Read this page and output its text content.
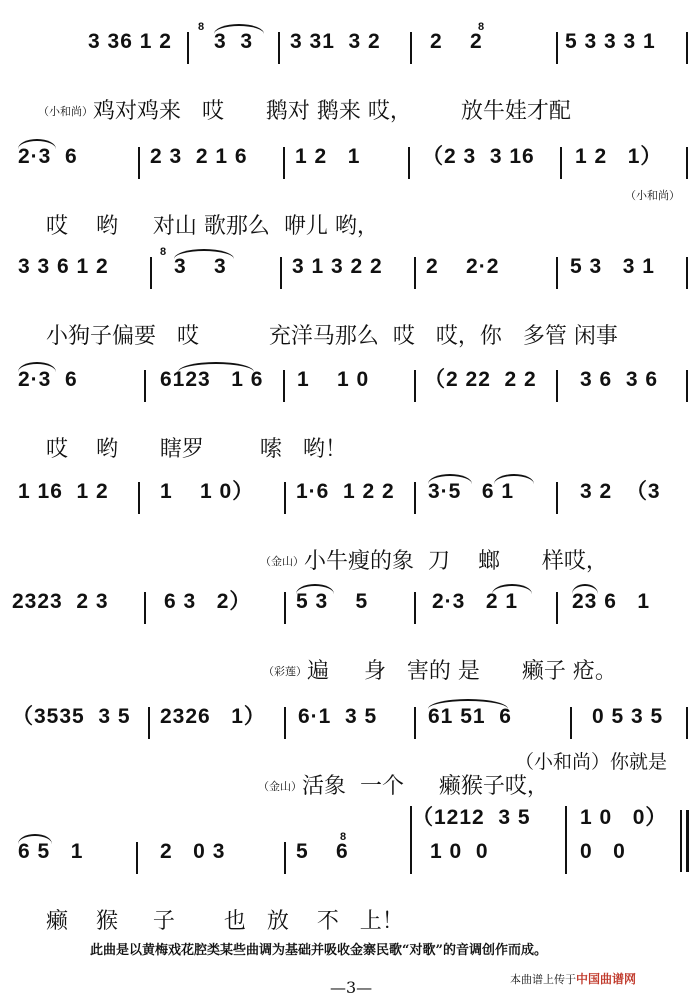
3 36 1 2
8
3  3 3 31  3 2
8
2    2	5 3 3 3 1

（小和尚）鸡对鸡来   哎      鹅对 鹅来 哎，       放牛娃才配

2·3  6	2 3  2 1 6 1 2   1	（2 3  3 16 1 2   1）

哎    哟     对山 歌那么  咿儿 哟，

（小和尚）
3 3 6 1 2
8
3    3	3 1 3 2 2 2    2·2	5 3   3 1

小狗子偏要   哎          充洋马那么  哎   哎，你   多管 闲事

2·3  6	6123   1 6 1    1 0	（2 22  2 2 3 6  3 6

哎    哟      瞎罗        嗦   哟！

1 16  1 2 1    1 0） 1·6  1 2 2 3·5   6 1	3 2  （3

（金山）小牛瘦的象  刀    螂      样哎，

2323  2 3	6 3   2） 5 3    5	2·3   2 1	23 6   1

（彩莲）遍     身   害的 是      癞子 疮。

（3535  3 5 2326   1） 6·1  3 5 61 51  6	0 5 3 5

（金山）活象  一个     癞猴子哎，

（小和尚）你就是
（1212  3 5 1 0   0）
6 5   1	2   0 3
8
5    6	1 0  0	0   0

癞    猴     子       也   放    不   上！

此曲是以黄梅戏花腔类某些曲调为基础并吸收金寨民歌“对歌”的音调创作而成。
—3—	本曲谱上传于中国曲谱网
